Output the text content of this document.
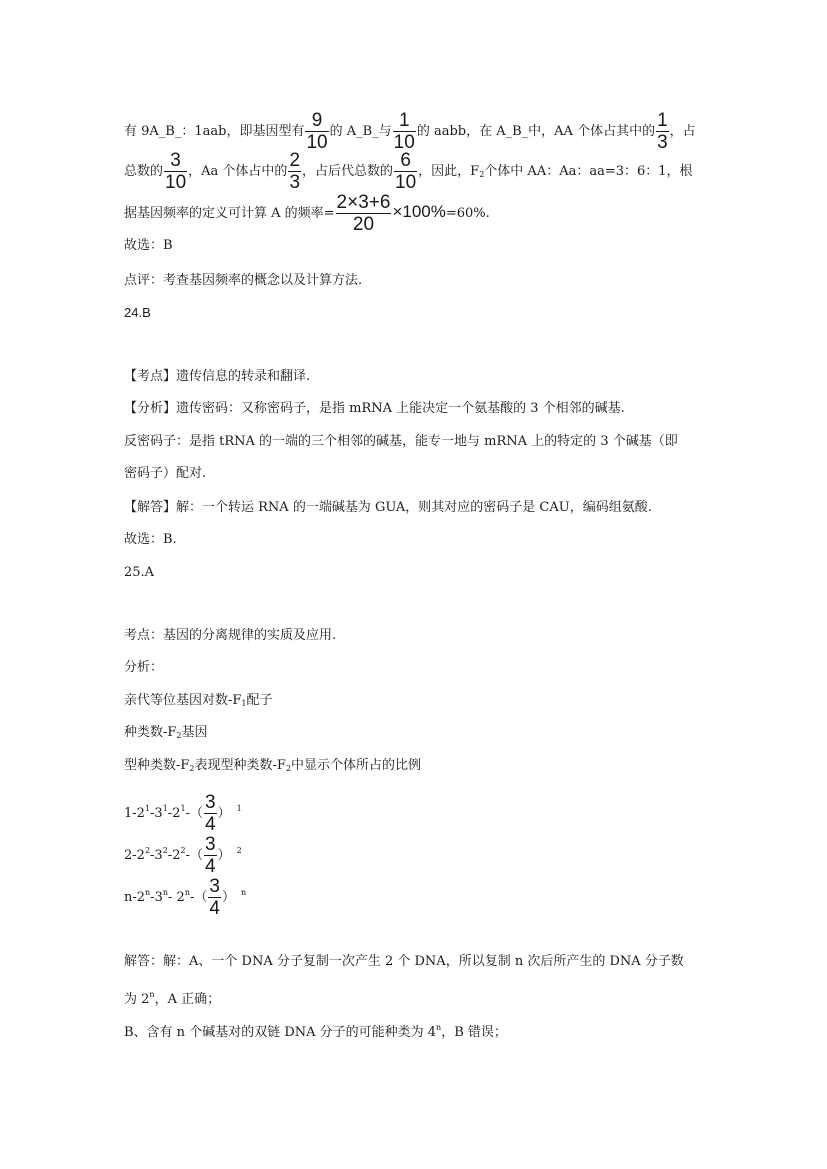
有 9A_B_：1aab，即基因型有 $\frac{9}{10}$ 的 A_B_与 $\frac{1}{10}$ 的 aabb，在 A_B_中，AA 个体占其中的 $\frac{1}{3}$ ，占
总数的 $\frac{3}{10}$ ，Aa 个体占中的 $\frac{2}{3}$ ，占后代总数的 $\frac{6}{10}$ ，因此，$F_2$个体中 AA：Aa：aa=3：6：1，根
据基因频率的定义可计算 A 的频率= $\frac{2\times 3+6}{20} \times 100\%=60\%$.
故选：B
点评：考查基因频率的概念以及计算方法.
24.B
【考点】遗传信息的转录和翻译.
【分析】遗传密码：又称密码子，是指 mRNA 上能决定一个氨基酸的 3 个相邻的碱基.
反密码子：是指 tRNA 的一端的三个相邻的碱基，能专一地与 mRNA 上的特定的 3 个碱基（即
密码子）配对.
【解答】解：一个转运 RNA 的一端碱基为 GUA，则其对应的密码子是 CAU，编码组氨酸.
故选：B.
25.A
考点：基因的分离规律的实质及应用.
分析：
亲代等位基因对数$-F_1$配子
种类数$-F_2$基因
型种类数$-F_2$表现型种类数$-F_2$中显示个体所占的比例
$1-2^1-3^1-2^1-( \frac{3}{4}$ ） $^1$
$2-2^2-3^2-2^2-( \frac{3}{4}$ ） $^2$
n-2$^n$-3$^n$- $2^n-( \frac{3}{4}$ ） $^n$
解答：解：A、一个 DNA 分子复制一次产生 2 个 DNA，所以复制 n 次后所产生的 DNA 分子数
为 2$^n$，A 正确；
B、含有 n 个碱基对的双链 DNA 分子的可能种类为 4$^n$，B 错误；
